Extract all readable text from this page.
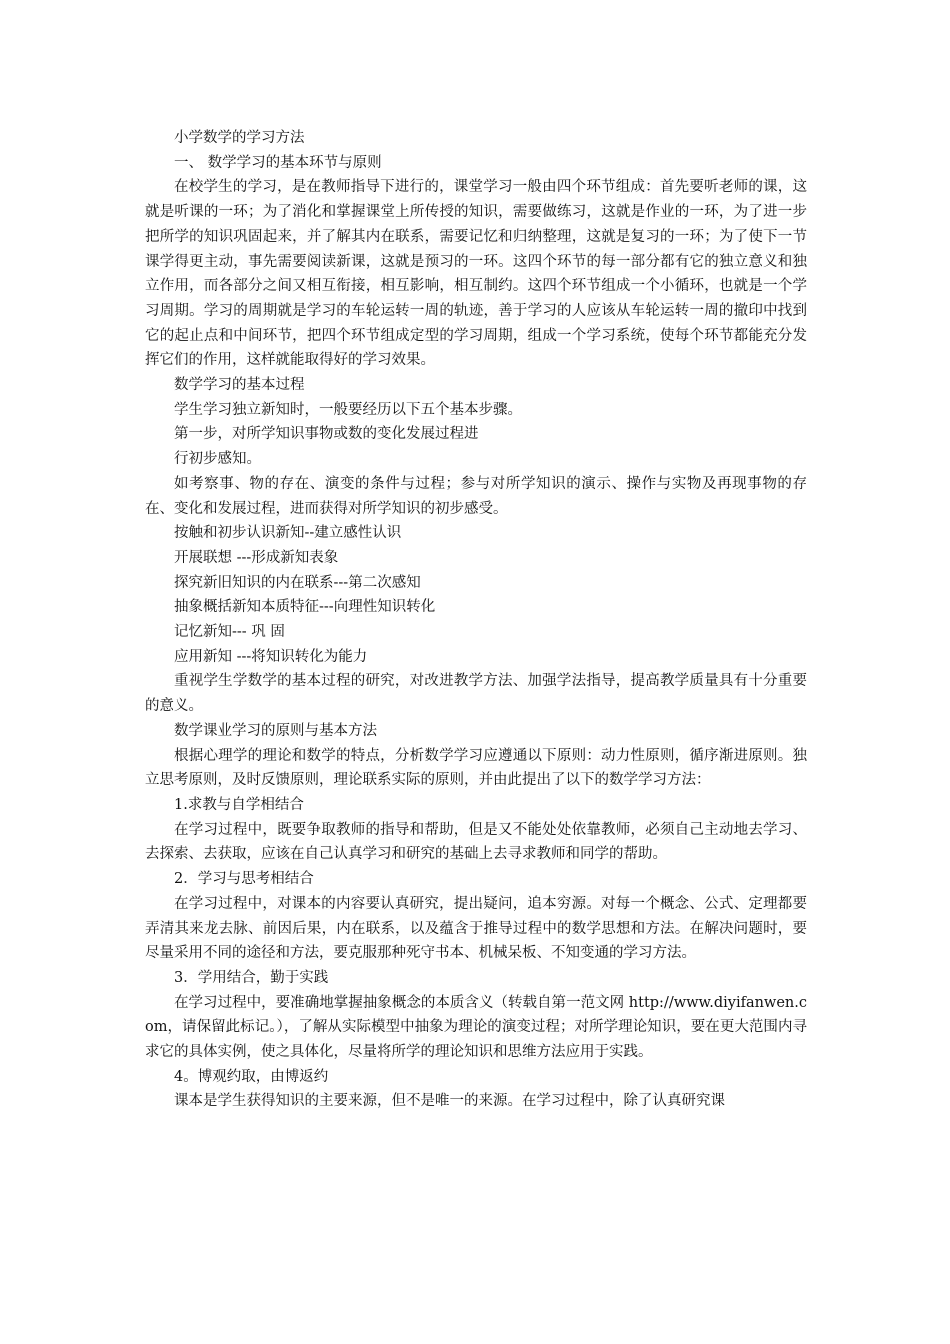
小学数学的学习方法

一、 数学学习的基本环节与原则

在校学生的学习，是在教师指导下进行的，课堂学习一般由四个环节组成：首先要听老师的课，这就是听课的一环；为了消化和掌握课堂上所传授的知识，需要做练习，这就是作业的一环，为了进一步把所学的知识巩固起来，并了解其内在联系，需要记忆和归纳整理，这就是复习的一环；为了使下一节课学得更主动，事先需要阅读新课，这就是预习的一环。这四个环节的每一部分都有它的独立意义和独立作用，而各部分之间又相互衔接，相互影响，相互制约。这四个环节组成一个小循环，也就是一个学习周期。学习的周期就是学习的车轮运转一周的轨迹，善于学习的人应该从车轮运转一周的撤印中找到它的起止点和中间环节，把四个环节组成定型的学习周期，组成一个学习系统，使每个环节都能充分发挥它们的作用，这样就能取得好的学习效果。

数学学习的基本过程

学生学习独立新知时，一般要经历以下五个基本步骤。

第一步，对所学知识事物或数的变化发展过程进

行初步感知。

如考察事、物的存在、演变的条件与过程；参与对所学知识的演示、操作与实物及再现事物的存在、变化和发展过程，进而获得对所学知识的初步感受。

按触和初步认识新知--建立感性认识

开展联想 ---形成新知表象

探究新旧知识的内在联系---第二次感知

抽象概括新知本质特征---向理性知识转化

记忆新知--- 巩 固

应用新知 ---将知识转化为能力

重视学生学数学的基本过程的研究，对改进教学方法、加强学法指导，提高教学质量具有十分重要的意义。

数学课业学习的原则与基本方法

根据心理学的理论和数学的特点，分析数学学习应遵通以下原则：动力性原则，循序渐进原则。独立思考原则，及时反馈原则，理论联系实际的原则，并由此提出了以下的数学学习方法：

1.求教与自学相结合

在学习过程中，既要争取教师的指导和帮助，但是又不能处处依靠教师，必须自己主动地去学习、去探索、去获取，应该在自己认真学习和研究的基础上去寻求教师和同学的帮助。

2．学习与思考相结合

在学习过程中，对课本的内容要认真研究，提出疑问，追本穷源。对每一个概念、公式、定理都要弄清其来龙去脉、前因后果，内在联系，以及蕴含于推导过程中的数学思想和方法。在解决问题时，要尽量采用不同的途径和方法，要克服那种死守书本、机械呆板、不知变通的学习方法。

3．学用结合，勤于实践

在学习过程中，要准确地掌握抽象概念的本质含义（转载自第一范文网 http://www.diyifanwen.com，请保留此标记。），了解从实际模型中抽象为理论的演变过程；对所学理论知识，要在更大范围内寻求它的具体实例，使之具体化，尽量将所学的理论知识和思维方法应用于实践。

4。博观约取，由博返约

课本是学生获得知识的主要来源，但不是唯一的来源。在学习过程中，除了认真研究课
